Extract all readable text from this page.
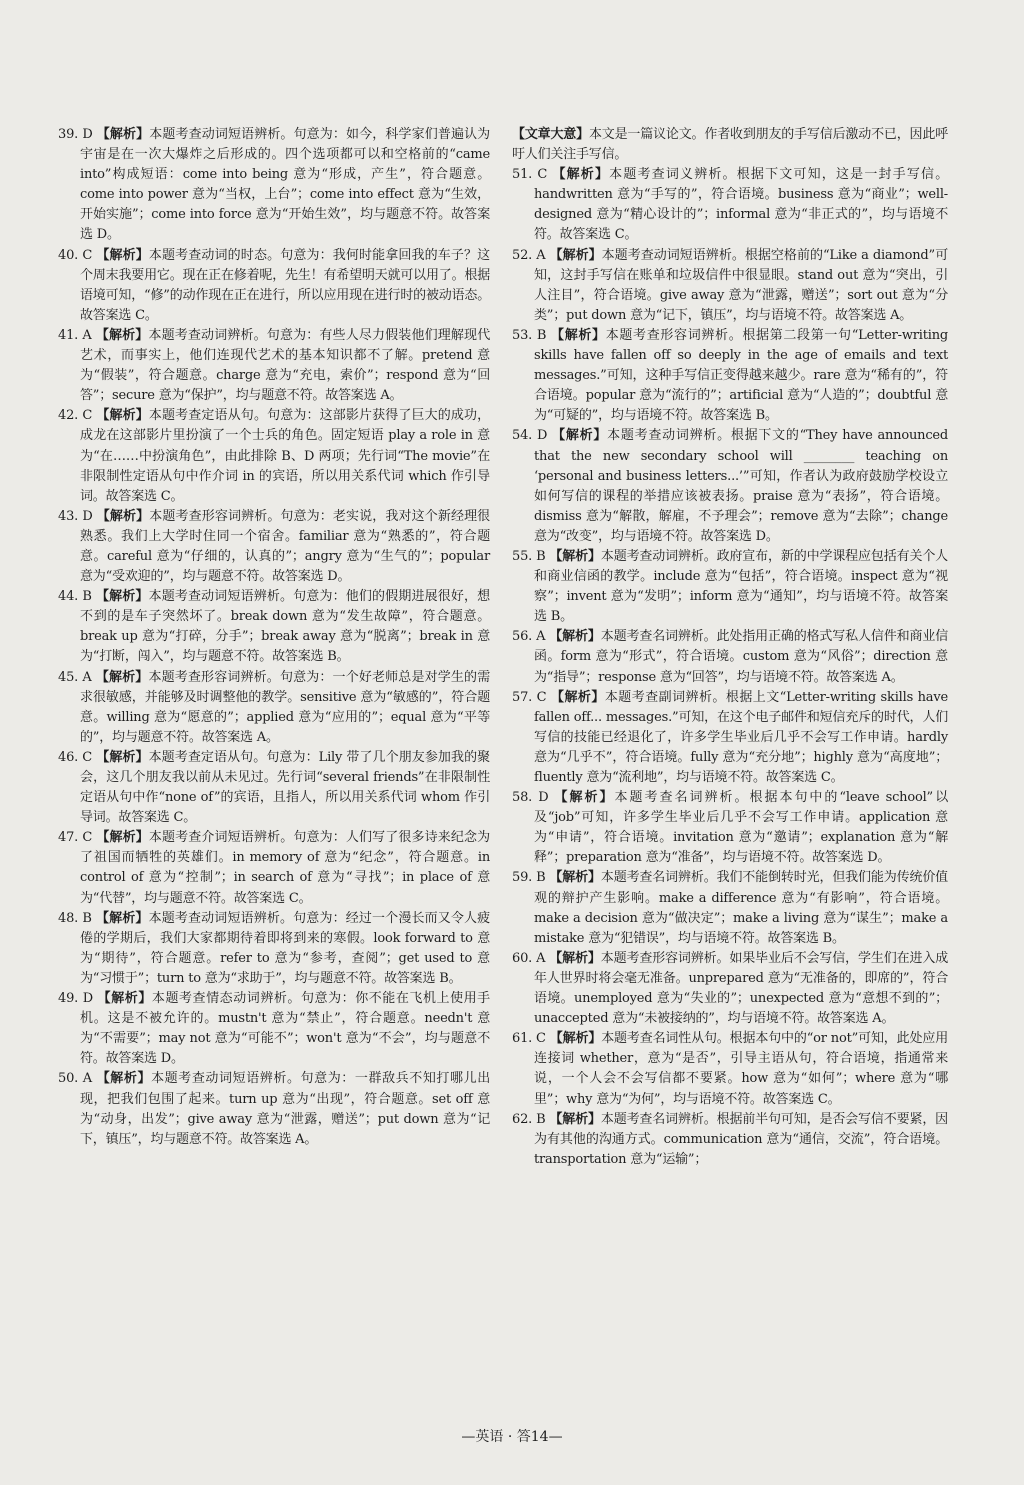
39. D 【解析】本题考查动词短语辨析。句意为：如今，科学家们普遍认为宇宙是在一次大爆炸之后形成的。四个选项都可以和空格前的“came into”构成短语：come into being 意为“形成，产生”，符合题意。come into power 意为“当权，上台”；come into effect 意为“生效，开始实施”；come into force 意为“开始生效”，均与题意不符。故答案选 D。

40. C 【解析】本题考查动词的时态。句意为：我何时能拿回我的车子？这个周末我要用它。现在正在修着呢，先生！有希望明天就可以用了。根据语境可知，“修”的动作现在正在进行，所以应用现在进行时的被动语态。故答案选 C。

41. A 【解析】本题考查动词辨析。句意为：有些人尽力假装他们理解现代艺术，而事实上，他们连现代艺术的基本知识都不了解。pretend 意为“假装”，符合题意。charge 意为“充电，索价”；respond 意为“回答”；secure 意为“保护”，均与题意不符。故答案选 A。

42. C 【解析】本题考查定语从句。句意为：这部影片获得了巨大的成功，成龙在这部影片里扮演了一个士兵的角色。固定短语 play a role in 意为“在……中扮演角色”，由此排除 B、D 两项；先行词“The movie”在非限制性定语从句中作介词 in 的宾语，所以用关系代词 which 作引导词。故答案选 C。

43. D 【解析】本题考查形容词辨析。句意为：老实说，我对这个新经理很熟悉。我们上大学时住同一个宿舍。familiar 意为“熟悉的”，符合题意。careful 意为“仔细的，认真的”；angry 意为“生气的”；popular 意为“受欢迎的”，均与题意不符。故答案选 D。

44. B 【解析】本题考查动词短语辨析。句意为：他们的假期进展很好，想不到的是车子突然坏了。break down 意为“发生故障”，符合题意。break up 意为“打碎，分手”；break away 意为“脱离”；break in 意为“打断，闯入”，均与题意不符。故答案选 B。

45. A 【解析】本题考查形容词辨析。句意为：一个好老师总是对学生的需求很敏感，并能够及时调整他的教学。sensitive 意为“敏感的”，符合题意。willing 意为“愿意的”；applied 意为“应用的”；equal 意为“平等的”，均与题意不符。故答案选 A。

46. C 【解析】本题考查定语从句。句意为：Lily 带了几个朋友参加我的聚会，这几个朋友我以前从未见过。先行词“several friends”在非限制性定语从句中作“none of”的宾语，且指人，所以用关系代词 whom 作引导词。故答案选 C。

47. C 【解析】本题考查介词短语辨析。句意为：人们写了很多诗来纪念为了祖国而牺牲的英雄们。in memory of 意为“纪念”，符合题意。in control of 意为“控制”；in search of 意为“寻找”；in place of 意为“代替”，均与题意不符。故答案选 C。

48. B 【解析】本题考查动词短语辨析。句意为：经过一个漫长而又令人疲倦的学期后，我们大家都期待着即将到来的寒假。look forward to 意为“期待”，符合题意。refer to 意为“参考，查阅”；get used to 意为“习惯于”；turn to 意为“求助于”，均与题意不符。故答案选 B。

49. D 【解析】本题考查情态动词辨析。句意为：你不能在飞机上使用手机。这是不被允许的。mustn't 意为“禁止”，符合题意。needn't 意为“不需要”；may not 意为“可能不”；won't 意为“不会”，均与题意不符。故答案选 D。

50. A 【解析】本题考查动词短语辨析。句意为：一群敌兵不知打哪儿出现，把我们包围了起来。turn up 意为“出现”，符合题意。set off 意为“动身，出发”；give away 意为“泄露，赠送”；put down 意为“记下，镇压”，均与题意不符。故答案选 A。

【文章大意】本文是一篇议论文。作者收到朋友的手写信后激动不已，因此呼吁人们关注手写信。

51. C 【解析】本题考查词义辨析。根据下文可知，这是一封手写信。handwritten 意为“手写的”，符合语境。business 意为“商业”；well-designed 意为“精心设计的”；informal 意为“非正式的”，均与语境不符。故答案选 C。

52. A 【解析】本题考查动词短语辨析。根据空格前的“Like a diamond”可知，这封手写信在账单和垃圾信件中很显眼。stand out 意为“突出，引人注目”，符合语境。give away 意为“泄露，赠送”；sort out 意为“分类”；put down 意为“记下，镇压”，均与语境不符。故答案选 A。

53. B 【解析】本题考查形容词辨析。根据第二段第一句“Letter-writing skills have fallen off so deeply in the age of emails and text messages.”可知，这种手写信正变得越来越少。rare 意为“稀有的”，符合语境。popular 意为“流行的”；artificial 意为“人造的”；doubtful 意为“可疑的”，均与语境不符。故答案选 B。

54. D 【解析】本题考查动词辨析。根据下文的“They have announced that the new secondary school will ________ teaching on ‘personal and business letters...’”可知，作者认为政府鼓励学校设立如何写信的课程的举措应该被表扬。praise 意为“表扬”，符合语境。dismiss 意为“解散，解雇，不予理会”；remove 意为“去除”；change 意为“改变”，均与语境不符。故答案选 D。

55. B 【解析】本题考查动词辨析。政府宣布，新的中学课程应包括有关个人和商业信函的教学。include 意为“包括”，符合语境。inspect 意为“视察”；invent 意为“发明”；inform 意为“通知”，均与语境不符。故答案选 B。

56. A 【解析】本题考查名词辨析。此处指用正确的格式写私人信件和商业信函。form 意为“形式”，符合语境。custom 意为“风俗”；direction 意为“指导”；response 意为“回答”，均与语境不符。故答案选 A。

57. C 【解析】本题考查副词辨析。根据上文“Letter-writing skills have fallen off... messages.”可知，在这个电子邮件和短信充斥的时代，人们写信的技能已经退化了，许多学生毕业后几乎不会写工作申请。hardly 意为“几乎不”，符合语境。fully 意为“充分地”；highly 意为“高度地”；fluently 意为“流利地”，均与语境不符。故答案选 C。

58. D 【解析】本题考查名词辨析。根据本句中的“leave school”以及“job”可知，许多学生毕业后几乎不会写工作申请。application 意为“申请”，符合语境。invitation 意为“邀请”；explanation 意为“解释”；preparation 意为“准备”，均与语境不符。故答案选 D。

59. B 【解析】本题考查名词辨析。我们不能倒转时光，但我们能为传统价值观的辩护产生影响。make a difference 意为“有影响”，符合语境。make a decision 意为“做决定”；make a living 意为“谋生”；make a mistake 意为“犯错误”，均与语境不符。故答案选 B。

60. A 【解析】本题考查形容词辨析。如果毕业后不会写信，学生们在进入成年人世界时将会毫无准备。unprepared 意为“无准备的，即席的”，符合语境。unemployed 意为“失业的”；unexpected 意为“意想不到的”；unaccepted 意为“未被接纳的”，均与语境不符。故答案选 A。

61. C 【解析】本题考查名词性从句。根据本句中的“or not”可知，此处应用连接词 whether，意为“是否”，引导主语从句，符合语境，指通常来说，一个人会不会写信都不要紧。how 意为“如何”；where 意为“哪里”；why 意为“为何”，均与语境不符。故答案选 C。

62. B 【解析】本题考查名词辨析。根据前半句可知，是否会写信不要紧，因为有其他的沟通方式。communication 意为“通信，交流”，符合语境。transportation 意为“运输”；

—英语 · 答14—
